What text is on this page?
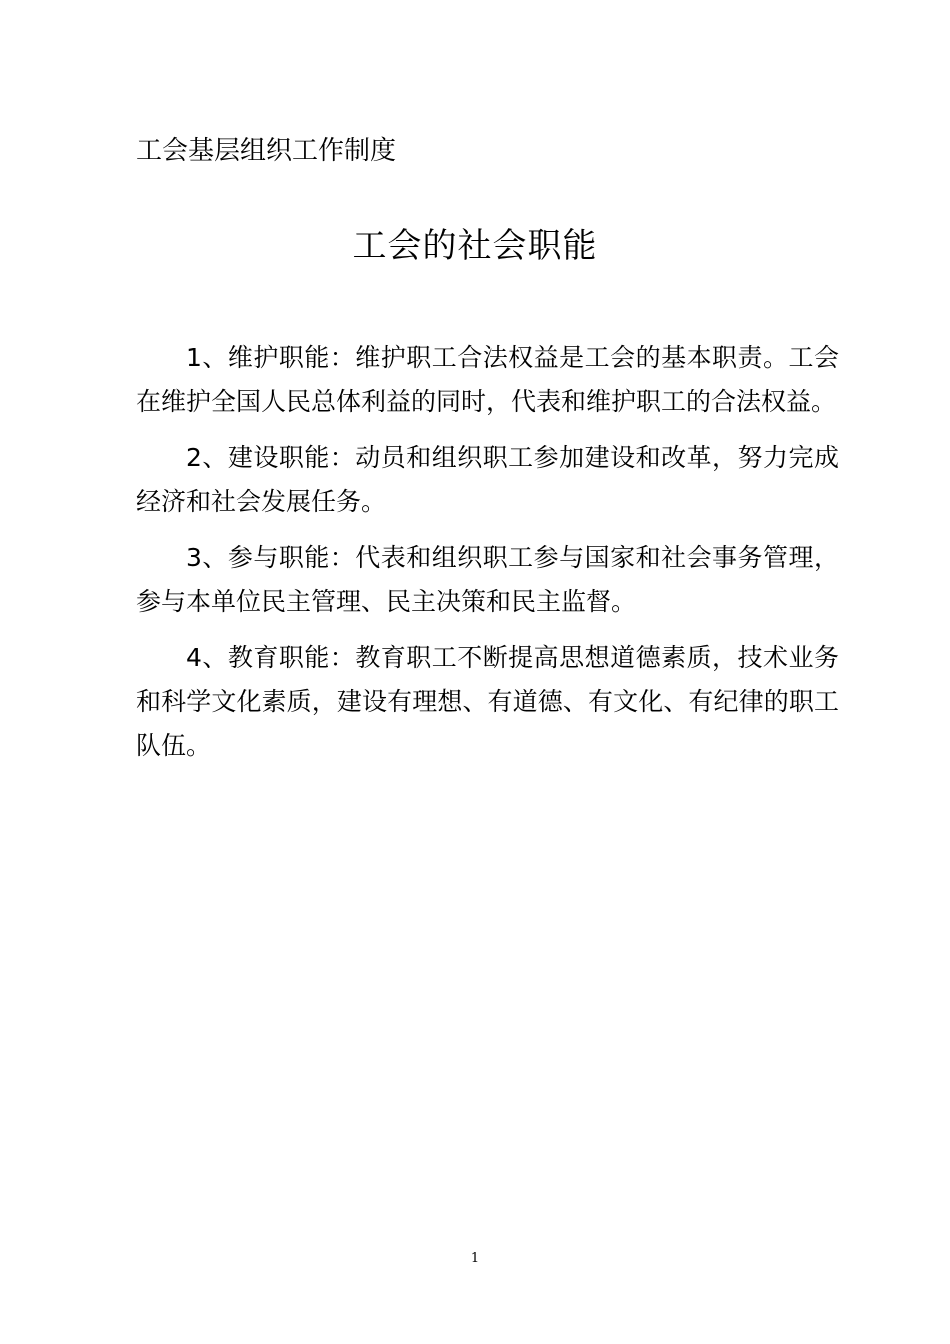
工会基层组织工作制度
工会的社会职能

1、维护职能：维护职工合法权益是工会的基本职责。工会在维护全国人民总体利益的同时，代表和维护职工的合法权益。

2、建设职能：动员和组织职工参加建设和改革，努力完成经济和社会发展任务。

3、参与职能：代表和组织职工参与国家和社会事务管理，参与本单位民主管理、民主决策和民主监督。

4、教育职能：教育职工不断提高思想道德素质，技术业务和科学文化素质，建设有理想、有道德、有文化、有纪律的职工队伍。

1
